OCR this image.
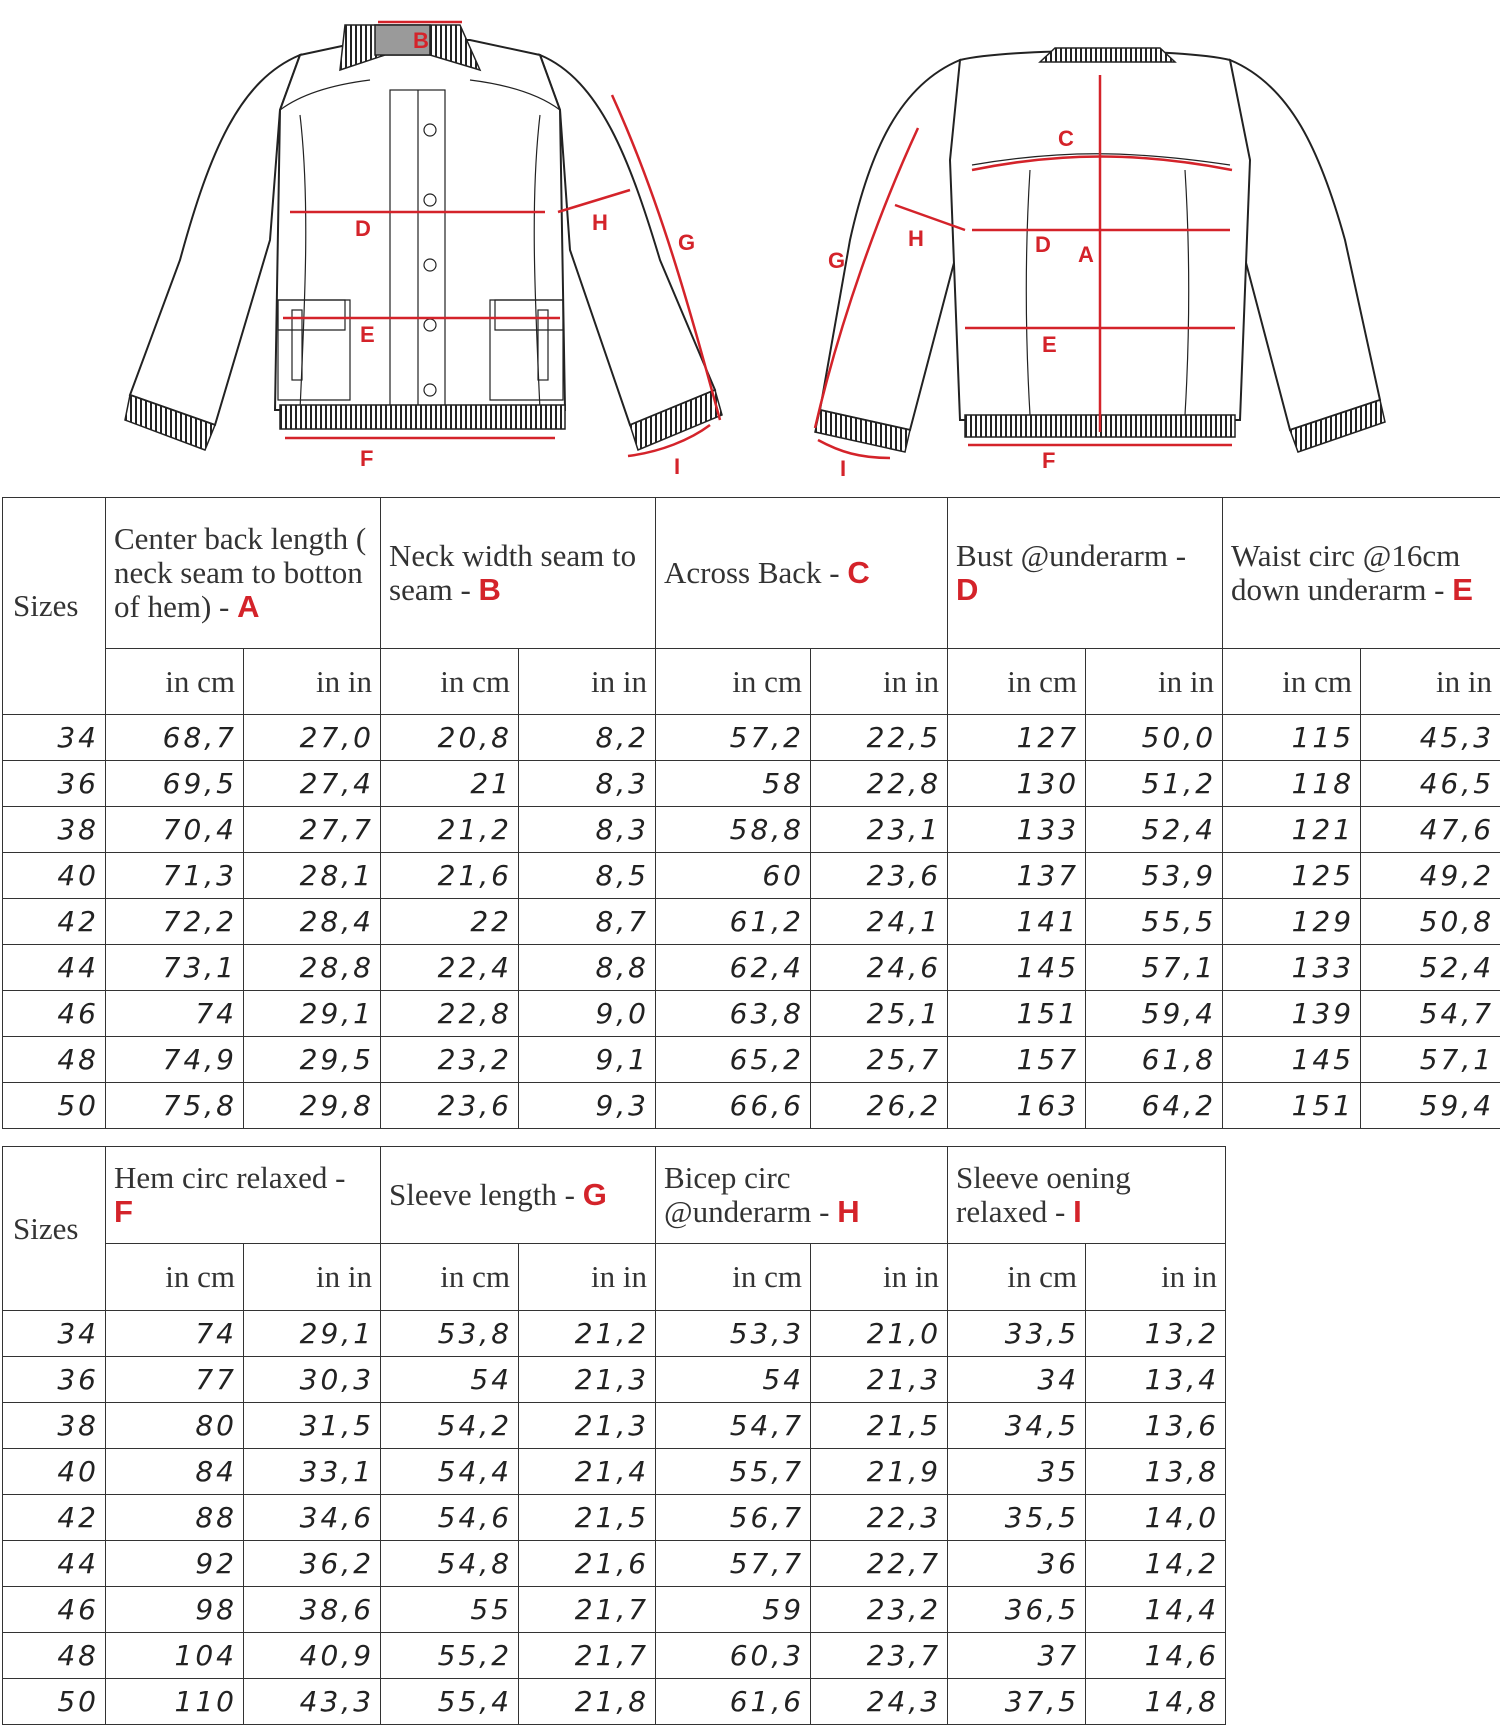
B
D	H
G
E
F	I
C
G
H	D A
E
F
I
Sizes	Center back length ( neck seam to botton of hem) - A		Neck width seam to seam - B		Across Back - C		Bust @underarm - D		Waist circ @16cm down underarm - E	
	in cm	in in	in cm	in in	in cm	in in	in cm	in in	in cm	in in
34	68,7	27,0	20,8	8,2	57,2	22,5	127	50,0	115	45,3
36	69,5	27,4	21	8,3	58	22,8	130	51,2	118	46,5
38	70,4	27,7	21,2	8,3	58,8	23,1	133	52,4	121	47,6
40	71,3	28,1	21,6	8,5	60	23,6	137	53,9	125	49,2
42	72,2	28,4	22	8,7	61,2	24,1	141	55,5	129	50,8
44	73,1	28,8	22,4	8,8	62,4	24,6	145	57,1	133	52,4
46	74	29,1	22,8	9,0	63,8	25,1	151	59,4	139	54,7
48	74,9	29,5	23,2	9,1	65,2	25,7	157	61,8	145	57,1
50	75,8	29,8	23,6	9,3	66,6	26,2	163	64,2	151	59,4
Sizes	Hem circ relaxed - F		Sleeve length - G		Bicep circ @underarm - H		Sleeve oening relaxed - I	
	in cm	in in	in cm	in in	in cm	in in	in cm	in in
34	74	29,1	53,8	21,2	53,3	21,0	33,5	13,2
36	77	30,3	54	21,3	54	21,3	34	13,4
38	80	31,5	54,2	21,3	54,7	21,5	34,5	13,6
40	84	33,1	54,4	21,4	55,7	21,9	35	13,8
42	88	34,6	54,6	21,5	56,7	22,3	35,5	14,0
44	92	36,2	54,8	21,6	57,7	22,7	36	14,2
46	98	38,6	55	21,7	59	23,2	36,5	14,4
48	104	40,9	55,2	21,7	60,3	23,7	37	14,6
50	110	43,3	55,4	21,8	61,6	24,3	37,5	14,8
